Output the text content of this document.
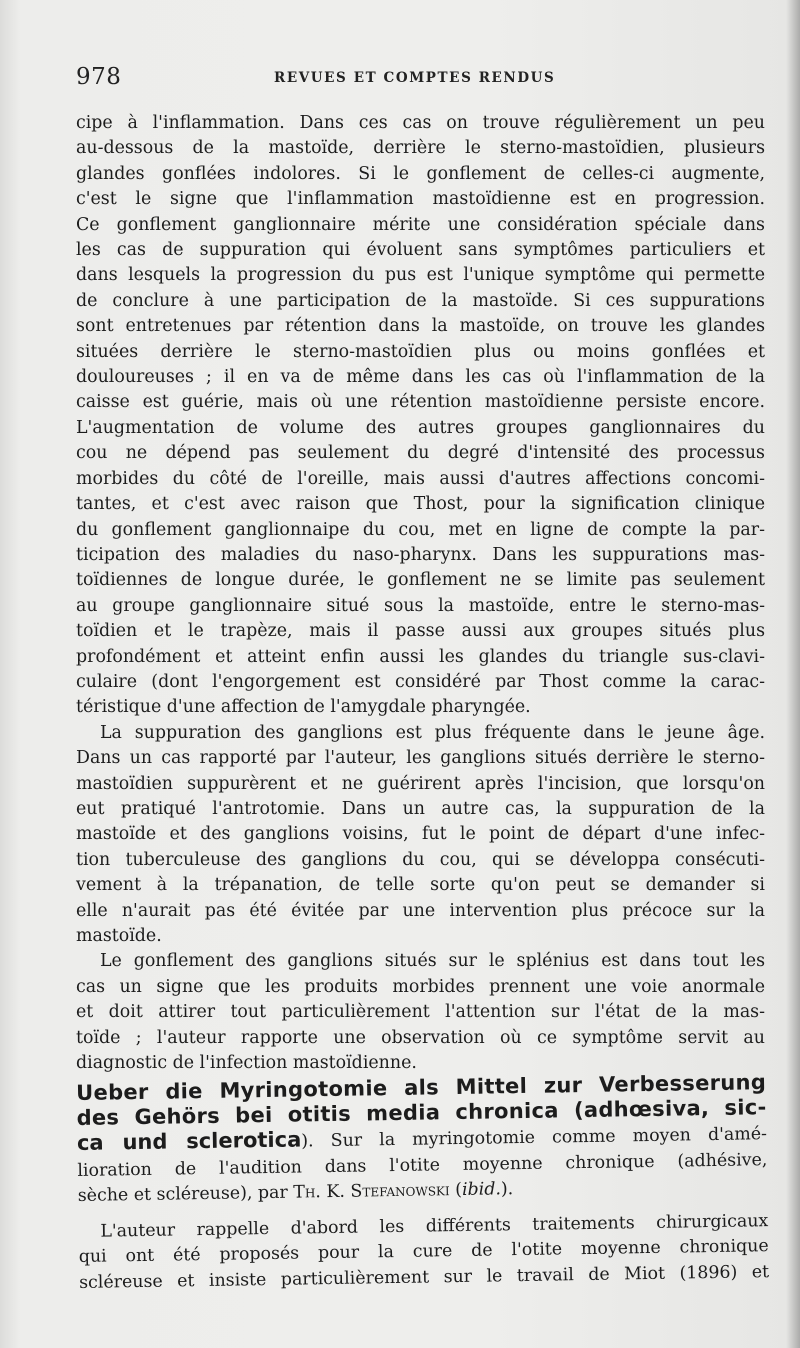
978	REVUES ET COMPTES RENDUS

cipe à l'inflammation. Dans ces cas on trouve régulièrement un peu

au-dessous de la mastoïde, derrière le sterno-mastoïdien, plusieurs

glandes gonflées indolores. Si le gonflement de celles-ci augmente,

c'est le signe que l'inflammation mastoïdienne est en progression.

Ce gonflement ganglionnaire mérite une considération spéciale dans

les cas de suppuration qui évoluent sans symptômes particuliers et

dans lesquels la progression du pus est l'unique symptôme qui permette

de conclure à une participation de la mastoïde. Si ces suppurations

sont entretenues par rétention dans la mastoïde, on trouve les glandes

situées derrière le sterno-mastoïdien plus ou moins gonflées et

douloureuses ; il en va de même dans les cas où l'inflammation de la

caisse est guérie, mais où une rétention mastoïdienne persiste encore.

L'augmentation de volume des autres groupes ganglionnaires du

cou ne dépend pas seulement du degré d'intensité des processus

morbides du côté de l'oreille, mais aussi d'autres affections concomi-

tantes, et c'est avec raison que Thost, pour la signification clinique

du gonflement ganglionnaipe du cou, met en ligne de compte la par-

ticipation des maladies du naso-pharynx. Dans les suppurations mas-

toïdiennes de longue durée, le gonflement ne se limite pas seulement

au groupe ganglionnaire situé sous la mastoïde, entre le sterno-mas-

toïdien et le trapèze, mais il passe aussi aux groupes situés plus

profondément et atteint enfin aussi les glandes du triangle sus-clavi-

culaire (dont l'engorgement est considéré par Thost comme la carac-

téristique d'une affection de l'amygdale pharyngée.

La suppuration des ganglions est plus fréquente dans le jeune âge.

Dans un cas rapporté par l'auteur, les ganglions situés derrière le sterno-

mastoïdien suppurèrent et ne guérirent après l'incision, que lorsqu'on

eut pratiqué l'antrotomie. Dans un autre cas, la suppuration de la

mastoïde et des ganglions voisins, fut le point de départ d'une infec-

tion tuberculeuse des ganglions du cou, qui se développa consécuti-

vement à la trépanation, de telle sorte qu'on peut se demander si

elle n'aurait pas été évitée par une intervention plus précoce sur la

mastoïde.

Le gonflement des ganglions situés sur le splénius est dans tout les

cas un signe que les produits morbides prennent une voie anormale

et doit attirer tout particulièrement l'attention sur l'état de la mas-

toïde ; l'auteur rapporte une observation où ce symptôme servit au

diagnostic de l'infection mastoïdienne.

Ueber die Myringotomie als Mittel zur Verbesserung

des Gehörs bei otitis media chronica (adhœsiva, sic-

ca und sclerotica). Sur la myringotomie comme moyen d'amé-

lioration de l'audition dans l'otite moyenne chronique (adhésive,

sèche et scléreuse), par Th. K. Stefanowski (ibid.).

L'auteur rappelle d'abord les différents traitements chirurgicaux

qui ont été proposés pour la cure de l'otite moyenne chronique

scléreuse et insiste particulièrement sur le travail de Miot (1896) et
